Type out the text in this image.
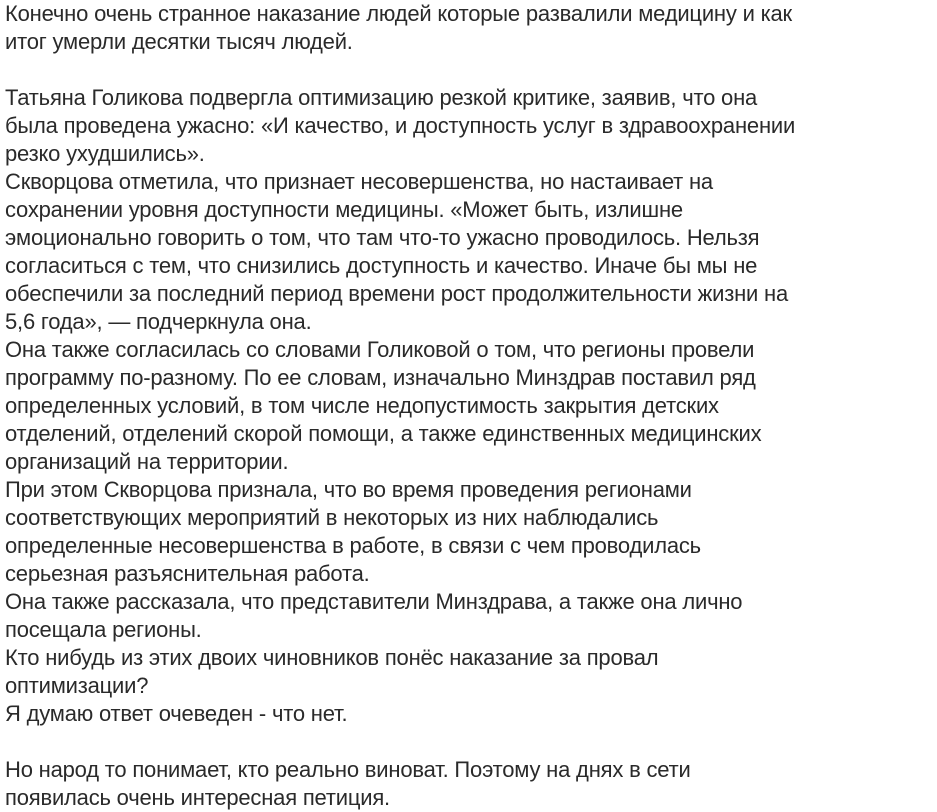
Конечно очень странное наказание людей которые развалили медицину и как
итог умерли десятки тысяч людей.
Татьяна Голикова подвергла оптимизацию резкой критике, заявив, что она
была проведена ужасно: «И качество, и доступность услуг в здравоохранении
резко ухудшились».
Скворцова отметила, что признает несовершенства, но настаивает на
сохранении уровня доступности медицины. «Может быть, излишне
эмоционально говорить о том, что там что-то ужасно проводилось. Нельзя
согласиться с тем, что снизились доступность и качество. Иначе бы мы не
обеспечили за последний период времени рост продолжительности жизни на
5,6 года», — подчеркнула она.
Она также согласилась со словами Голиковой о том, что регионы провели
программу по-разному. По ее словам, изначально Минздрав поставил ряд
определенных условий, в том числе недопустимость закрытия детских
отделений, отделений скорой помощи, а также единственных медицинских
организаций на территории.
При этом Скворцова признала, что во время проведения регионами
соответствующих мероприятий в некоторых из них наблюдались
определенные несовершенства в работе, в связи с чем проводилась
серьезная разъяснительная работа.
Она также рассказала, что представители Минздрава, а также она лично
посещала регионы.
Кто нибудь из этих двоих чиновников понёс наказание за провал
оптимизации?
Я думаю ответ очеведен - что нет.
Но народ то понимает, кто реально виноват. Поэтому на днях в сети
появилась очень интересная петиция.
